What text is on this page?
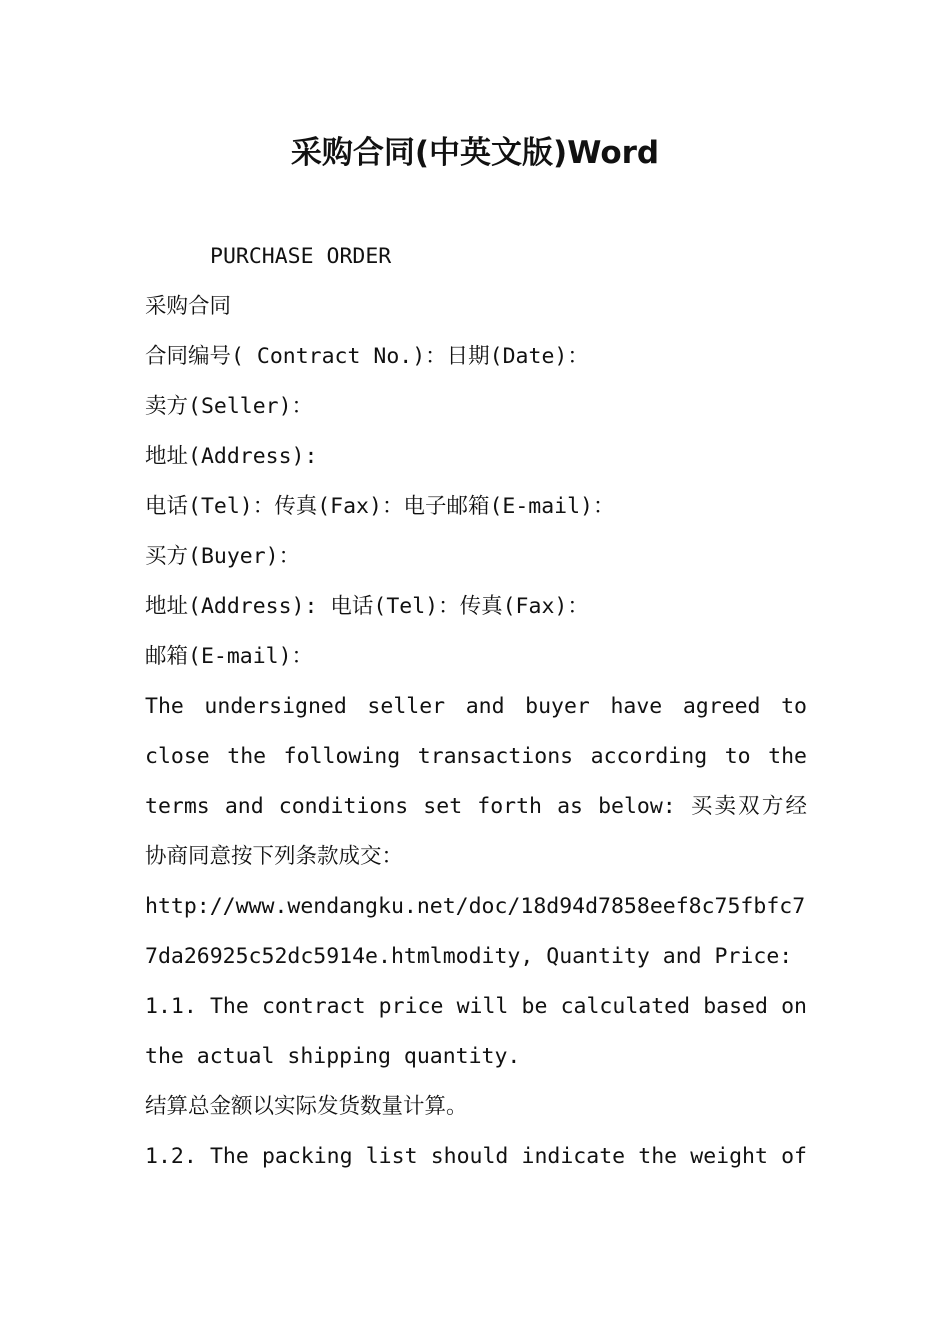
采购合同(中英文版)Word
PURCHASE ORDER
采购合同
合同编号( Contract No.)：日期(Date)：
卖方(Seller)：
地址(Address):
电话(Tel)：传真(Fax)：电子邮箱(E-mail)：
买方(Buyer)：
地址(Address): 电话(Tel)：传真(Fax)：
邮箱(E-mail)：
The undersigned seller and buyer have agreed to
close the following transactions according to the
terms and conditions set forth as below: 买卖双方经
协商同意按下列条款成交：
http://www.wendangku.net/doc/18d94d7858eef8c75fbfc7
7da26925c52dc5914e.htmlmodity, Quantity and Price:
1.1. The contract price will be calculated based on
the actual shipping quantity.
结算总金额以实际发货数量计算。
1.2. The packing list should indicate the weight of
